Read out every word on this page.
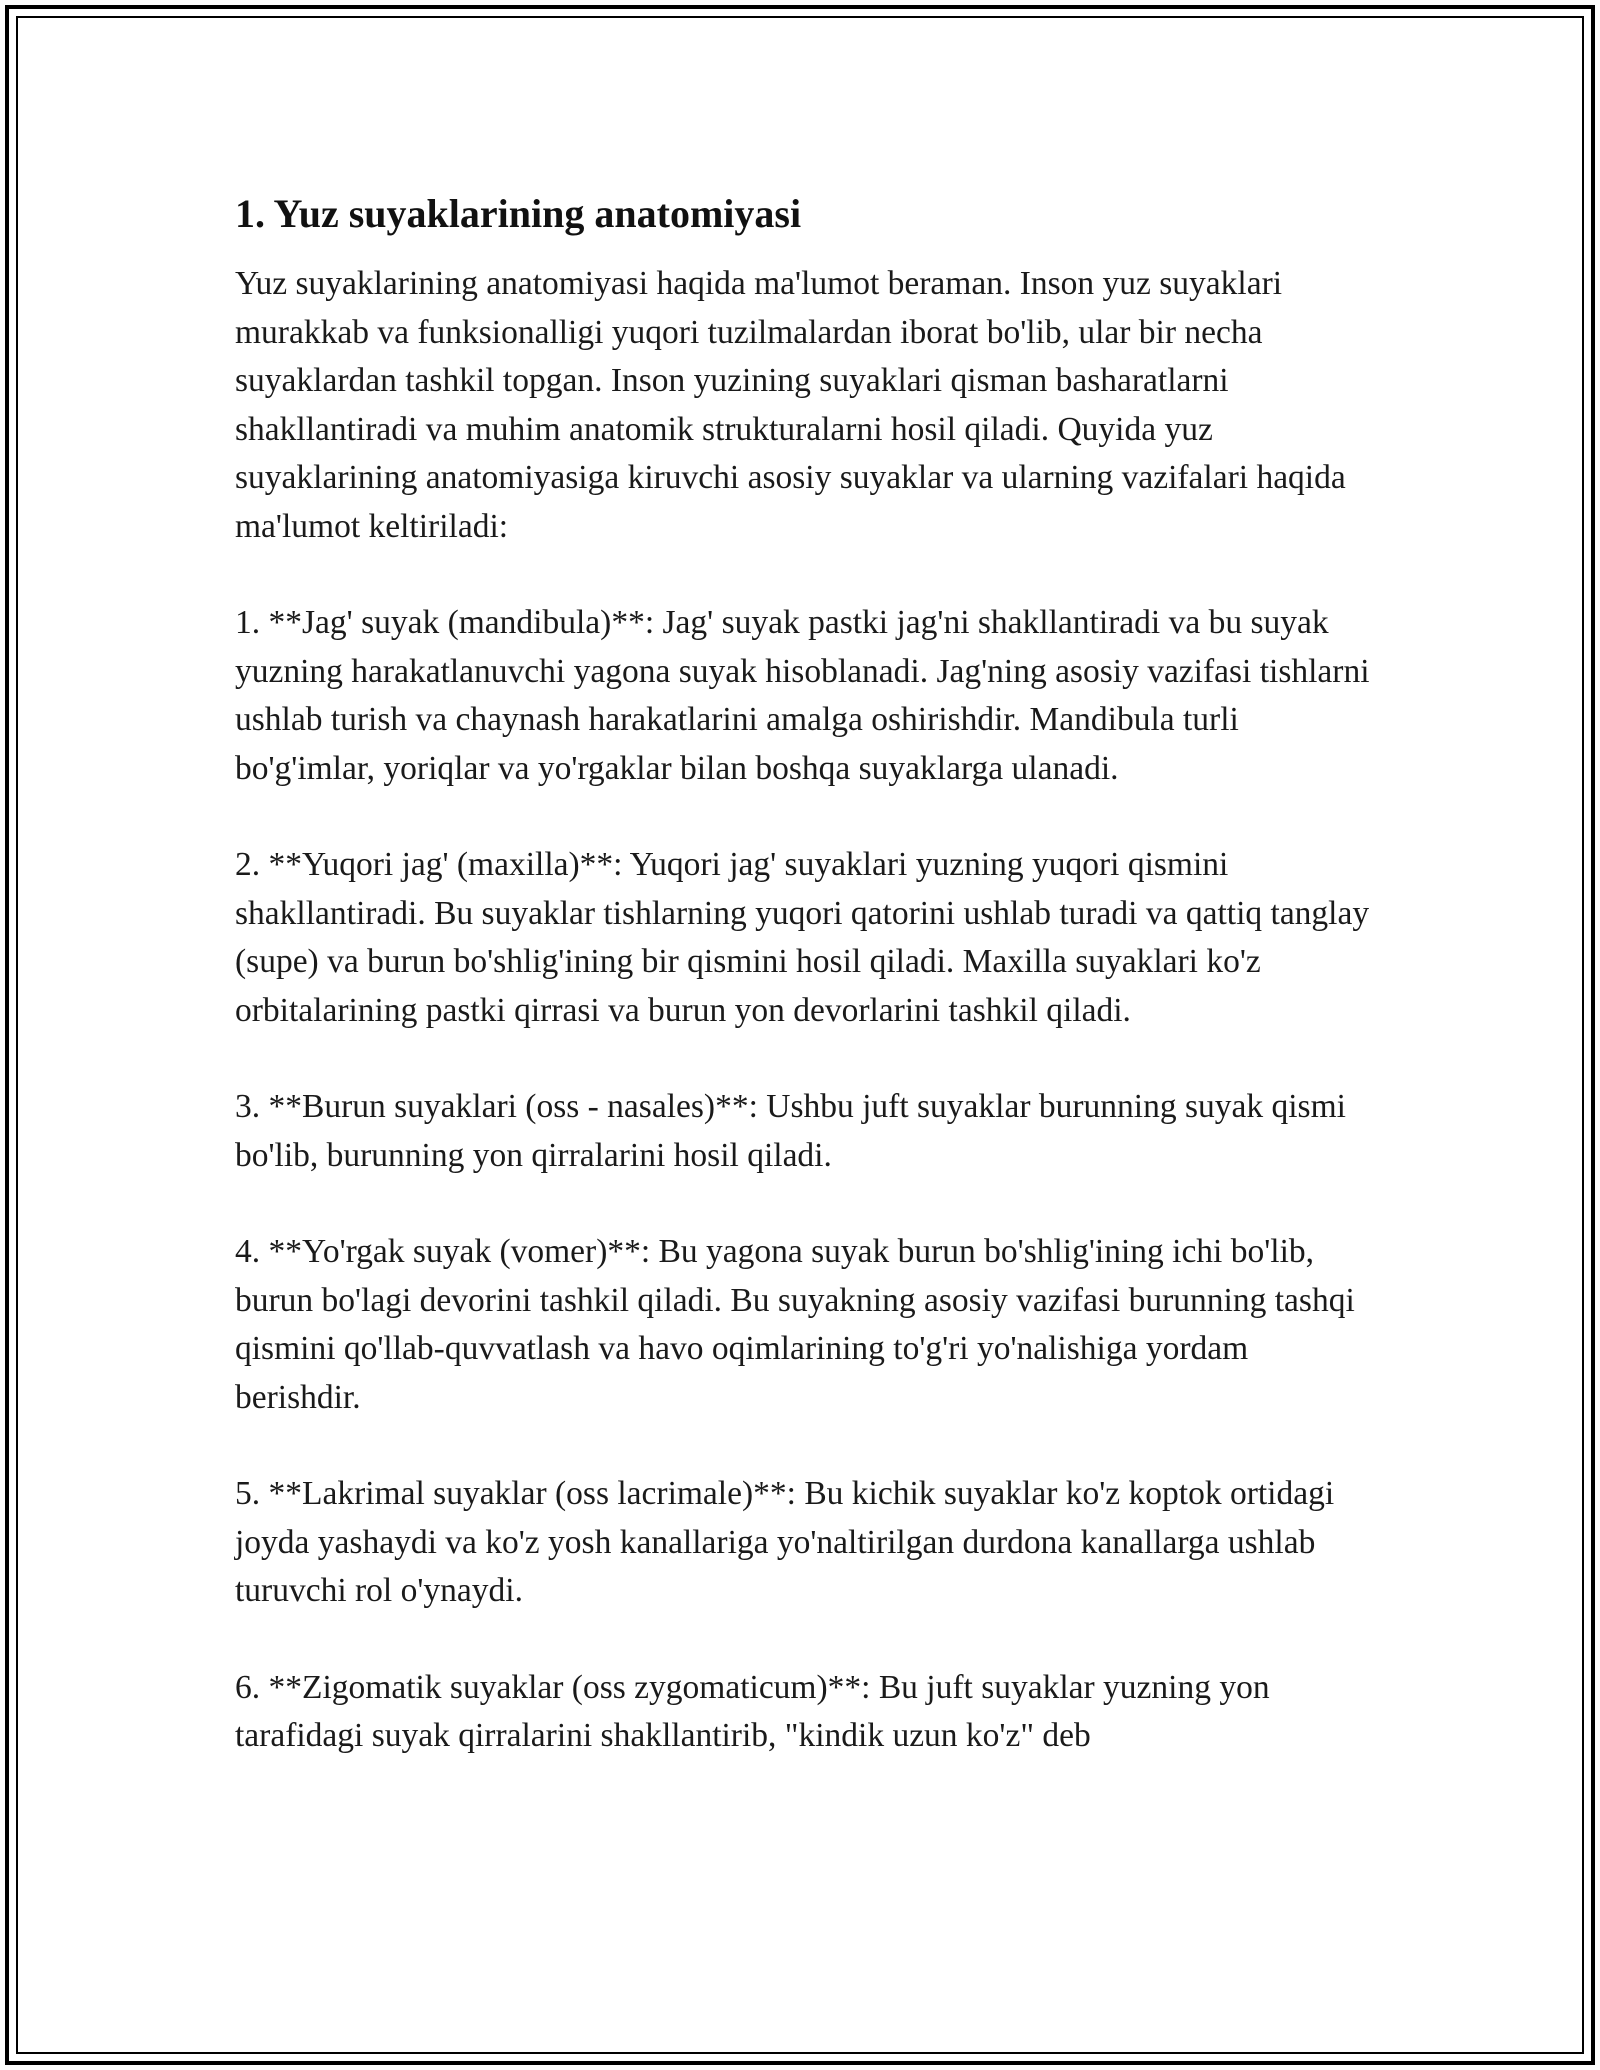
1. Yuz suyaklarining anatomiyasi

Yuz suyaklarining anatomiyasi haqida ma'lumot beraman. Inson yuz suyaklari murakkab va funksionalligi yuqori tuzilmalardan iborat bo'lib, ular bir necha suyaklardan tashkil topgan. Inson yuzining suyaklari qisman basharatlarni shakllantiradi va muhim anatomik strukturalarni hosil qiladi. Quyida yuz suyaklarining anatomiyasiga kiruvchi asosiy suyaklar va ularning vazifalari haqida ma'lumot keltiriladi:

1. **Jag' suyak (mandibula)**: Jag' suyak pastki jag'ni shakllantiradi va bu suyak yuzning harakatlanuvchi yagona suyak hisoblanadi. Jag'ning asosiy vazifasi tishlarni ushlab turish va chaynash harakatlarini amalga oshirishdir. Mandibula turli bo'g'imlar, yoriqlar va yo'rgaklar bilan boshqa suyaklarga ulanadi.

2. **Yuqori jag' (maxilla)**: Yuqori jag' suyaklari yuzning yuqori qismini shakllantiradi. Bu suyaklar tishlarning yuqori qatorini ushlab turadi va qattiq tanglay (supe) va burun bo'shlig'ining bir qismini hosil qiladi. Maxilla suyaklari ko'z orbitalarining pastki qirrasi va burun yon devorlarini tashkil qiladi.

3. **Burun suyaklari (oss - nasales)**: Ushbu juft suyaklar burunning suyak qismi bo'lib, burunning yon qirralarini hosil qiladi.

4. **Yo'rgak suyak (vomer)**: Bu yagona suyak burun bo'shlig'ining ichi bo'lib, burun bo'lagi devorini tashkil qiladi. Bu suyakning asosiy vazifasi burunning tashqi qismini qo'llab-quvvatlash va havo oqimlarining to'g'ri yo'nalishiga yordam berishdir.

5. **Lakrimal suyaklar (oss lacrimale)**: Bu kichik suyaklar ko'z koptok ortidagi joyda yashaydi va ko'z yosh kanallariga yo'naltirilgan durdona kanallarga ushlab turuvchi rol o'ynaydi.

6. **Zigomatik suyaklar (oss zygomaticum)**: Bu juft suyaklar yuzning yon tarafidagi suyak qirralarini shakllantirib, "kindik uzun ko'z" deb
